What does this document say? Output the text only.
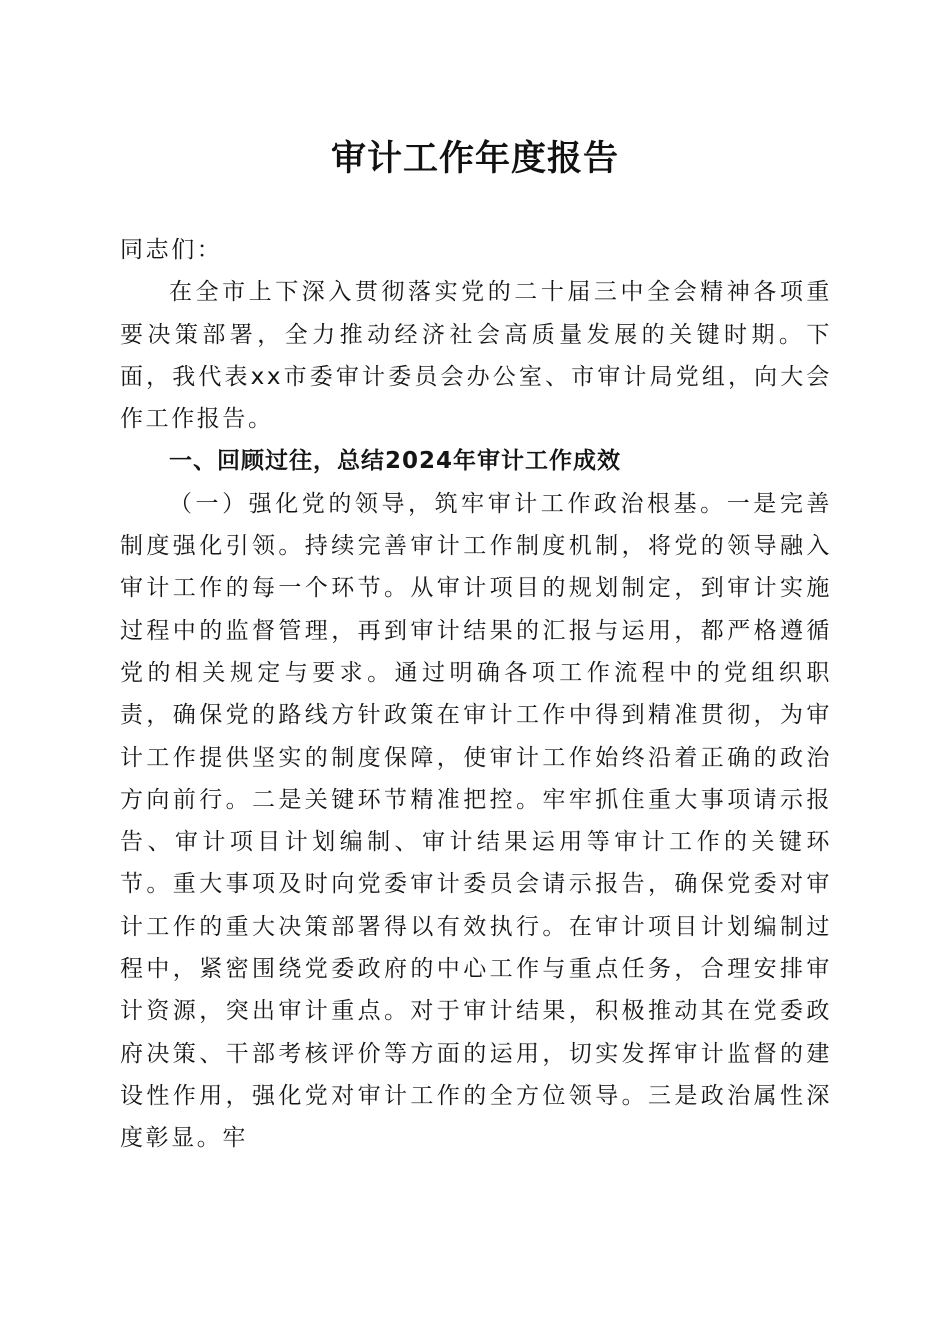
审计工作年度报告

同志们：

在全市上下深入贯彻落实党的二十届三中全会精神各项重要决策部署，全力推动经济社会高质量发展的关键时期。下面，我代表xx市委审计委员会办公室、市审计局党组，向大会作工作报告。

一、回顾过往，总结2024年审计工作成效

（一）强化党的领导，筑牢审计工作政治根基。一是完善制度强化引领。持续完善审计工作制度机制，将党的领导融入审计工作的每一个环节。从审计项目的规划制定，到审计实施过程中的监督管理，再到审计结果的汇报与运用，都严格遵循党的相关规定与要求。通过明确各项工作流程中的党组织职责，确保党的路线方针政策在审计工作中得到精准贯彻，为审计工作提供坚实的制度保障，使审计工作始终沿着正确的政治方向前行。二是关键环节精准把控。牢牢抓住重大事项请示报告、审计项目计划编制、审计结果运用等审计工作的关键环节。重大事项及时向党委审计委员会请示报告，确保党委对审计工作的重大决策部署得以有效执行。在审计项目计划编制过程中，紧密围绕党委政府的中心工作与重点任务，合理安排审计资源，突出审计重点。对于审计结果，积极推动其在党委政府决策、干部考核评价等方面的运用，切实发挥审计监督的建设性作用，强化党对审计工作的全方位领导。三是政治属性深度彰显。牢
